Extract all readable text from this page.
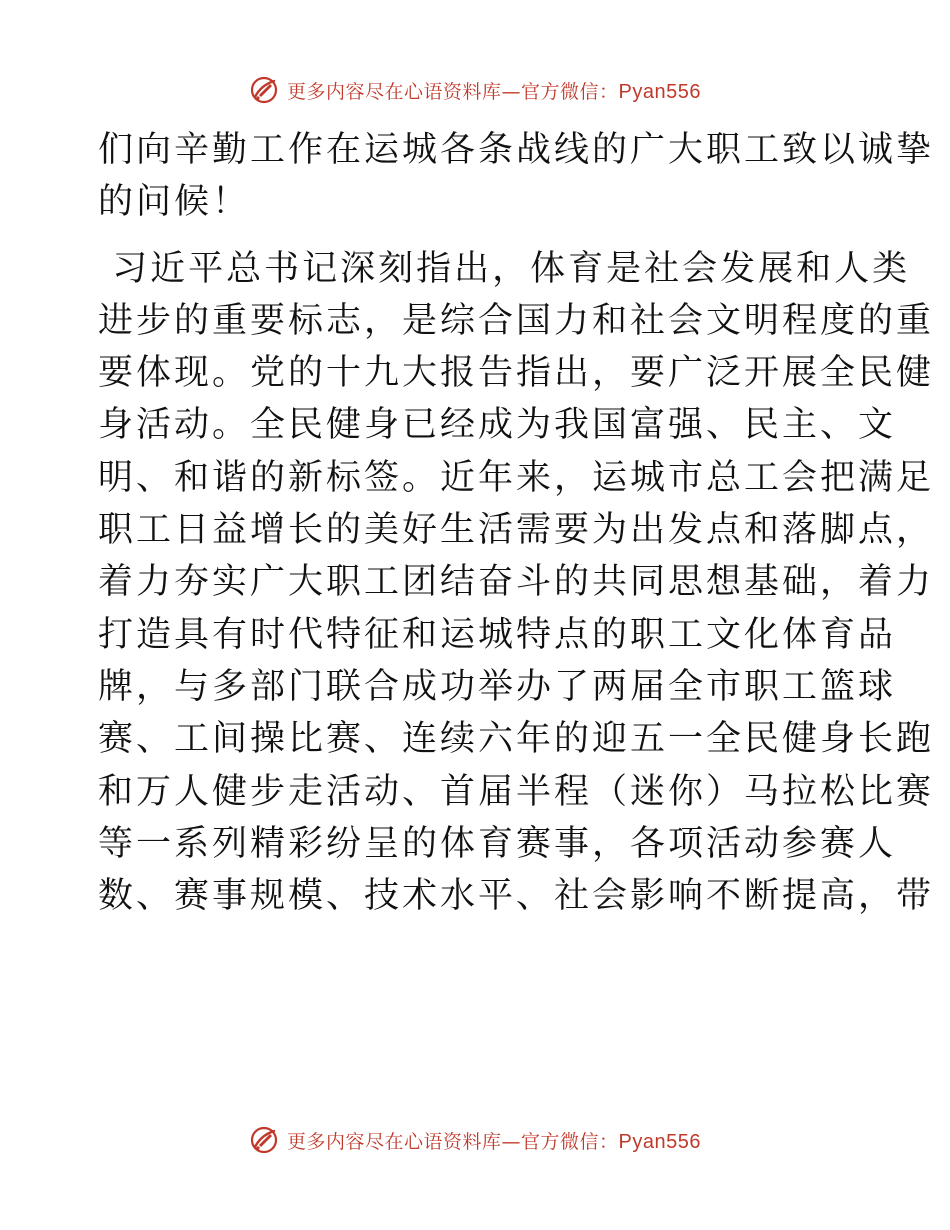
更多内容尽在心语资料库—官方微信：Pyan556

们向辛勤工作在运城各条战线的广大职工致以诚挚
的问候！

习近平总书记深刻指出，体育是社会发展和人类
进步的重要标志，是综合国力和社会文明程度的重
要体现。党的十九大报告指出，要广泛开展全民健
身活动。全民健身已经成为我国富强、民主、文
明、和谐的新标签。近年来，运城市总工会把满足
职工日益增长的美好生活需要为出发点和落脚点，
着力夯实广大职工团结奋斗的共同思想基础，着力
打造具有时代特征和运城特点的职工文化体育品
牌，与多部门联合成功举办了两届全市职工篮球
赛、工间操比赛、连续六年的迎五一全民健身长跑
和万人健步走活动、首届半程（迷你）马拉松比赛
等一系列精彩纷呈的体育赛事，各项活动参赛人
数、赛事规模、技术水平、社会影响不断提高，带

更多内容尽在心语资料库—官方微信：Pyan556
